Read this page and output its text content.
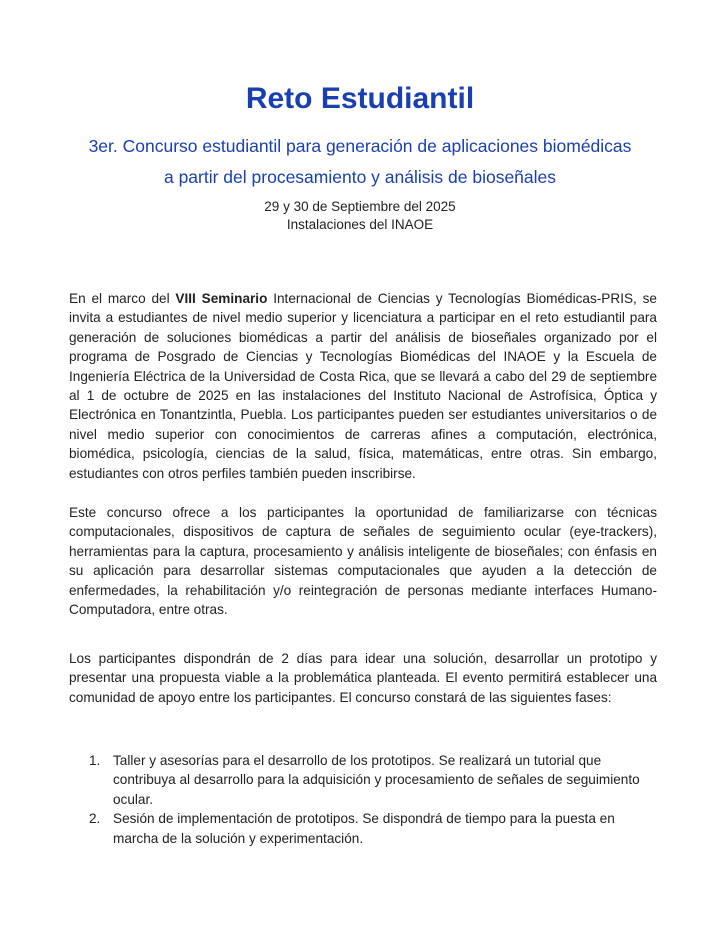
Reto Estudiantil
3er. Concurso estudiantil para generación de aplicaciones biomédicas
a partir del procesamiento y análisis de bioseñales
29 y 30 de Septiembre del 2025
Instalaciones del INAOE

En el marco del VIII Seminario Internacional de Ciencias y Tecnologías Biomédicas-PRIS, se invita a estudiantes de nivel medio superior y licenciatura a participar en el reto estudiantil para generación de soluciones biomédicas a partir del análisis de bioseñales organizado por el programa de Posgrado de Ciencias y Tecnologías Biomédicas del INAOE y la Escuela de Ingeniería Eléctrica de la Universidad de Costa Rica, que se llevará a cabo del 29 de septiembre al 1 de octubre de 2025 en las instalaciones del Instituto Nacional de Astrofísica, Óptica y Electrónica en Tonantzintla, Puebla. Los participantes pueden ser estudiantes universitarios o de nivel medio superior con conocimientos de carreras afines a computación, electrónica, biomédica, psicología, ciencias de la salud, física, matemáticas, entre otras. Sin embargo, estudiantes con otros perfiles también pueden inscribirse.

Este concurso ofrece a los participantes la oportunidad de familiarizarse con técnicas computacionales, dispositivos de captura de señales de seguimiento ocular (eye-trackers), herramientas para la captura, procesamiento y análisis inteligente de bioseñales; con énfasis en su aplicación para desarrollar sistemas computacionales que ayuden a la detección de enfermedades, la rehabilitación y/o reintegración de personas mediante interfaces Humano-Computadora, entre otras.

Los participantes dispondrán de 2 días para idear una solución, desarrollar un prototipo y presentar una propuesta viable a la problemática planteada. El evento permitirá establecer una comunidad de apoyo entre los participantes. El concurso constará de las siguientes fases:

1. Taller y asesorías para el desarrollo de los prototipos. Se realizará un tutorial que contribuya al desarrollo para la adquisición y procesamiento de señales de seguimiento ocular.
2. Sesión de implementación de prototipos. Se dispondrá de tiempo para la puesta en marcha de la solución y experimentación.
